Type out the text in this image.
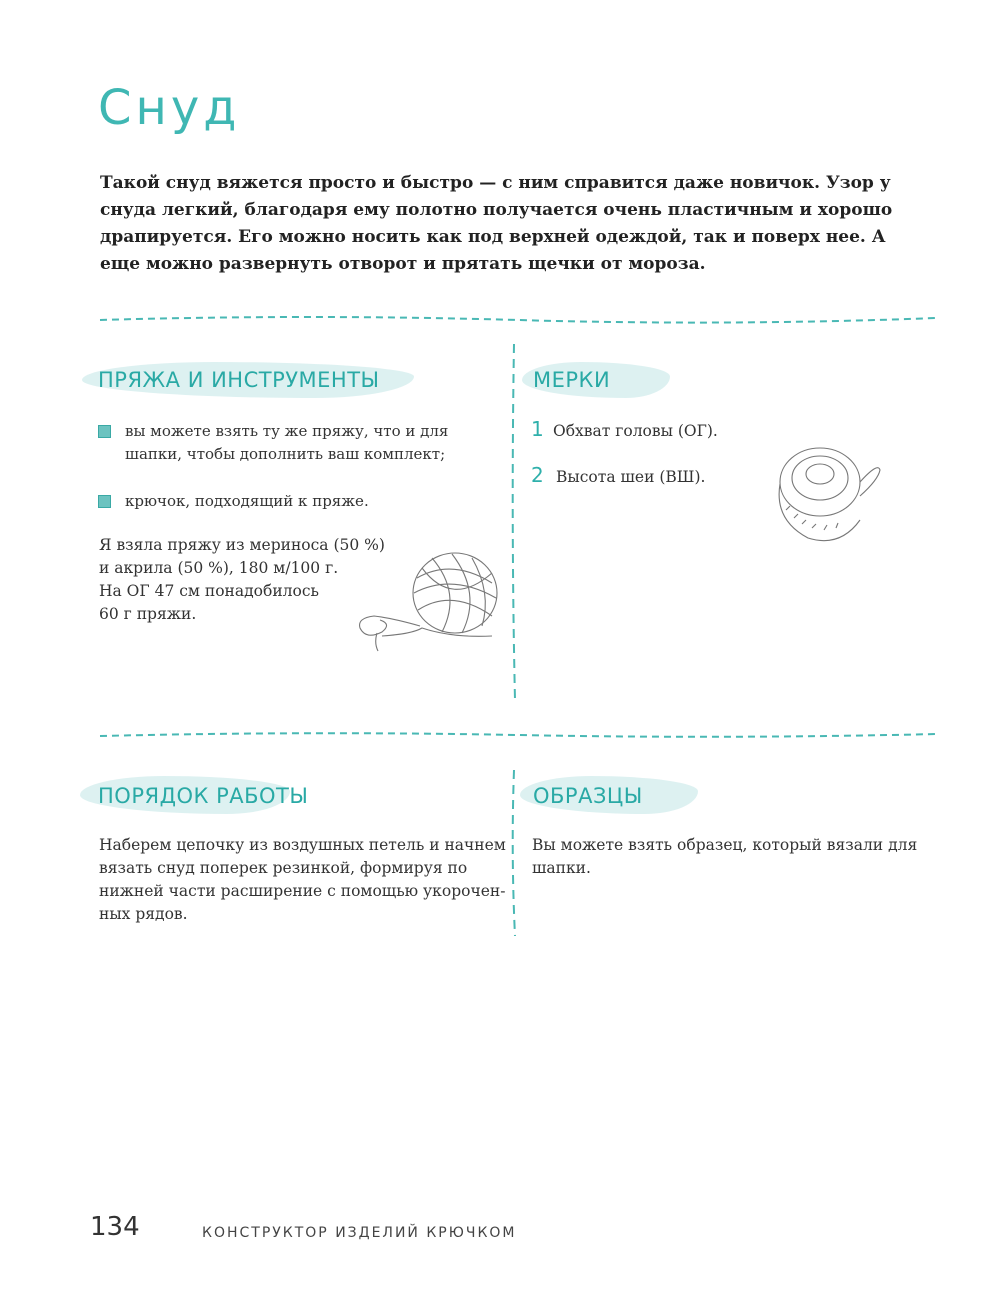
Снуд
Такой снуд вяжется просто и быстро — с ним справится даже новичок. Узор у снуда легкий, благодаря ему полотно получается очень пластичным и хорошо драпируется. Его можно носить как под верхней одеждой, так и поверх нее. А еще можно развернуть отворот и прятать щечки от мороза.
ПРЯЖА И ИНСТРУМЕНТЫ
вы можете взять ту же пряжу, что и для шапки, чтобы дополнить ваш комплект;
крючок, подходящий к пряже.
Я взяла пряжу из мериноса (50 %)
и акрила (50 %), 180 м/100 г.
На ОГ 47 см понадобилось
60 г пряжи.
МЕРКИ
1 Обхват головы (ОГ).
2 Высота шеи (ВШ).
ПОРЯДОК РАБОТЫ
Наберем цепочку из воздушных петель и начнем
вязать снуд поперек резинкой, формируя по
нижней части расширение с помощью укорочен-
ных рядов.
ОБРАЗЦЫ
Вы можете взять образец, который вязали для
шапки.
134	КОНСТРУКТОР ИЗДЕЛИЙ КРЮЧКОМ
